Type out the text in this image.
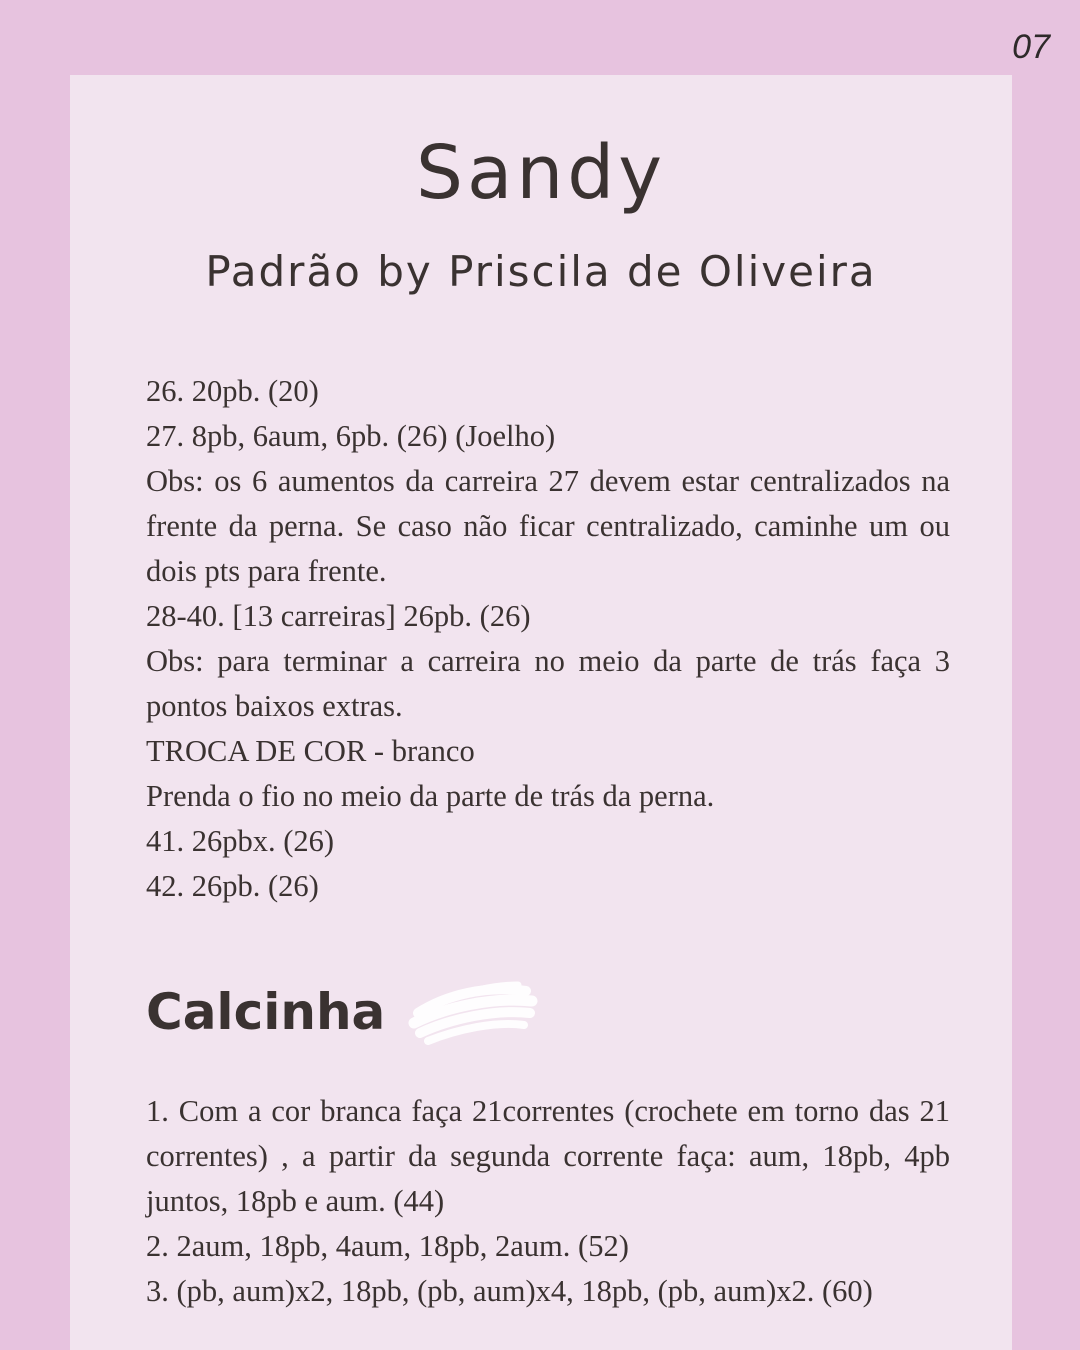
07
Sandy
Padrão by Priscila de Oliveira

26. 20pb. (20)

27. 8pb, 6aum, 6pb. (26) (Joelho)

Obs: os 6 aumentos da carreira 27 devem estar centralizados na frente da perna. Se caso não ficar centralizado, caminhe um ou dois pts para frente.

28-40. [13 carreiras] 26pb. (26)

Obs: para terminar a carreira no meio da parte de trás faça 3 pontos baixos extras.

TROCA DE COR - branco

Prenda o fio no meio da parte de trás da perna.

41. 26pbx. (26)

42. 26pb. (26)

Calcinha

1. Com a cor branca faça 21correntes (crochete em torno das 21 correntes) , a partir da segunda corrente faça: aum, 18pb, 4pb juntos, 18pb e aum. (44)

2. 2aum, 18pb, 4aum, 18pb, 2aum. (52)

3. (pb, aum)x2, 18pb, (pb, aum)x4, 18pb, (pb, aum)x2. (60)
